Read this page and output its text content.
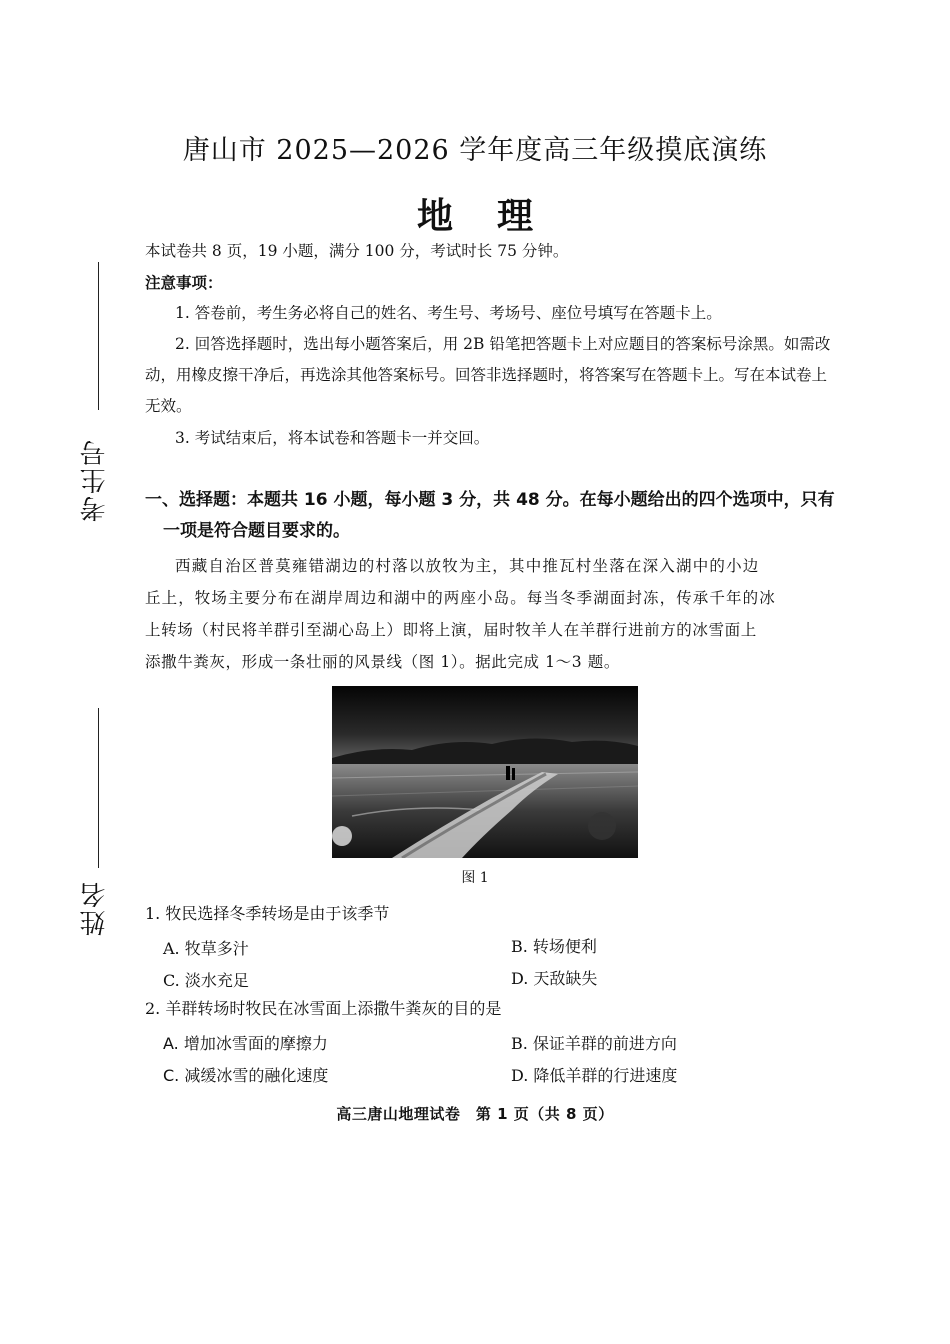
考生号
姓名
唐山市 2025—2026 学年度高三年级摸底演练
地理
本试卷共 8 页，19 小题，满分 100 分，考试时长 75 分钟。
注意事项：
1. 答卷前，考生务必将自己的姓名、考生号、考场号、座位号填写在答题卡上。
2. 回答选择题时，选出每小题答案后，用 2B 铅笔把答题卡上对应题目的答案标号涂黑。如需改
动，用橡皮擦干净后，再选涂其他答案标号。回答非选择题时，将答案写在答题卡上。写在本试卷上
无效。
3. 考试结束后，将本试卷和答题卡一并交回。
一、选择题：本题共 16 小题，每小题 3 分，共 48 分。在每小题给出的四个选项中，只有
一项是符合题目要求的。
西藏自治区普莫雍错湖边的村落以放牧为主，其中推瓦村坐落在深入湖中的小边
丘上，牧场主要分布在湖岸周边和湖中的两座小岛。每当冬季湖面封冻，传承千年的冰
上转场（村民将羊群引至湖心岛上）即将上演，届时牧羊人在羊群行进前方的冰雪面上
添撒牛粪灰，形成一条壮丽的风景线（图 1）。据此完成 1～3 题。
图 1
1. 牧民选择冬季转场是由于该季节
A. 牧草多汁	B. 转场便利
C. 淡水充足	D. 天敌缺失
2. 羊群转场时牧民在冰雪面上添撒牛粪灰的目的是
A. 增加冰雪面的摩擦力	B. 保证羊群的前进方向
C. 减缓冰雪的融化速度	D. 降低羊群的行进速度
高三唐山地理试卷　第 1 页（共 8 页）
